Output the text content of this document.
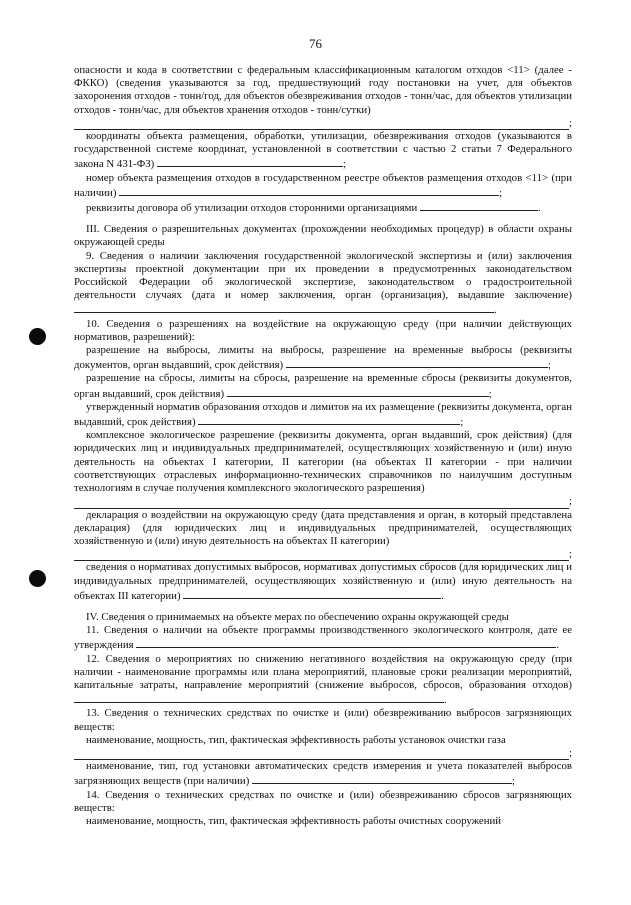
76

опасности и кода в соответствии с федеральным классификационным каталогом отходов <11> (далее - ФККО) (сведения указываются за год, предшествующий году постановки на учет, для объектов захоронения отходов - тонн/год, для объектов обезвреживания отходов - тонн/час, для объектов утилизации отходов - тонн/час, для объектов хранения отходов - тонн/сутки)

;

координаты объекта размещения, обработки, утилизации, обезвреживания отходов (указываются в государственной системе координат, установленной в соответствии с частью 2 статьи 7 Федерального закона N 431-ФЗ)	;

номер объекта размещения отходов в государственном реестре объектов размещения отходов <11> (при наличии)	;

реквизиты договора об утилизации отходов сторонними организациями	.

III. Сведения о разрешительных документах (прохождении необходимых процедур) в области охраны окружающей среды

9. Сведения о наличии заключения государственной экологической экспертизы и (или) заключения экспертизы проектной документации при их проведении в предусмотренных законодательством Российской Федерации об экологической экспертизе, законодательством о градостроительной деятельности случаях (дата и номер заключения, орган (организация), выдавшие заключение) .

10. Сведения о разрешениях на воздействие на окружающую среду (при наличии действующих нормативов, разрешений):

разрешение на выбросы, лимиты на выбросы, разрешение на временные выбросы (реквизиты документов, орган выдавший, срок действия)	;

разрешение на сбросы, лимиты на сбросы, разрешение на временные сбросы (реквизиты документов, орган выдавший, срок действия)	;

утвержденный норматив образования отходов и лимитов на их размещение (реквизиты документа, орган выдавший, срок действия)	;

комплексное экологическое разрешение (реквизиты документа, орган выдавший, срок действия) (для юридических лиц и индивидуальных предпринимателей, осуществляющих хозяйственную и (или) иную деятельность на объектах I категории, II категории (на объектах II категории - при наличии соответствующих отраслевых информационно-технических справочников по наилучшим доступным технологиям в случае получения комплексного экологического разрешения)

;

декларация о воздействии на окружающую среду (дата представления и орган, в который представлена декларация) (для юридических лиц и индивидуальных предпринимателей, осуществляющих хозяйственную и (или) иную деятельность на объектах II категории)

;

сведения о нормативах допустимых выбросов, нормативах допустимых сбросов (для юридических лиц и индивидуальных предпринимателей, осуществляющих хозяйственную и (или) иную деятельность на объектах III категории)	.

IV. Сведения о принимаемых на объекте мерах по обеспечению охраны окружающей среды

11. Сведения о наличии на объекте программы производственного экологического контроля, дате ее утверждения	.

12. Сведения о мероприятиях по снижению негативного воздействия на окружающую среду (при наличии - наименование программы или плана мероприятий, плановые сроки реализации мероприятий, капитальные затраты, направление мероприятий (снижение выбросов, сбросов, образования отходов) .

13. Сведения о технических средствах по очистке и (или) обезвреживанию выбросов загрязняющих веществ:

наименование, мощность, тип, фактическая эффективность работы установок очистки газа

;

наименование, тип, год установки автоматических средств измерения и учета показателей выбросов загрязняющих веществ (при наличии)	;

14. Сведения о технических средствах по очистке и (или) обезвреживанию сбросов загрязняющих веществ:

наименование, мощность, тип, фактическая эффективность работы очистных сооружений
